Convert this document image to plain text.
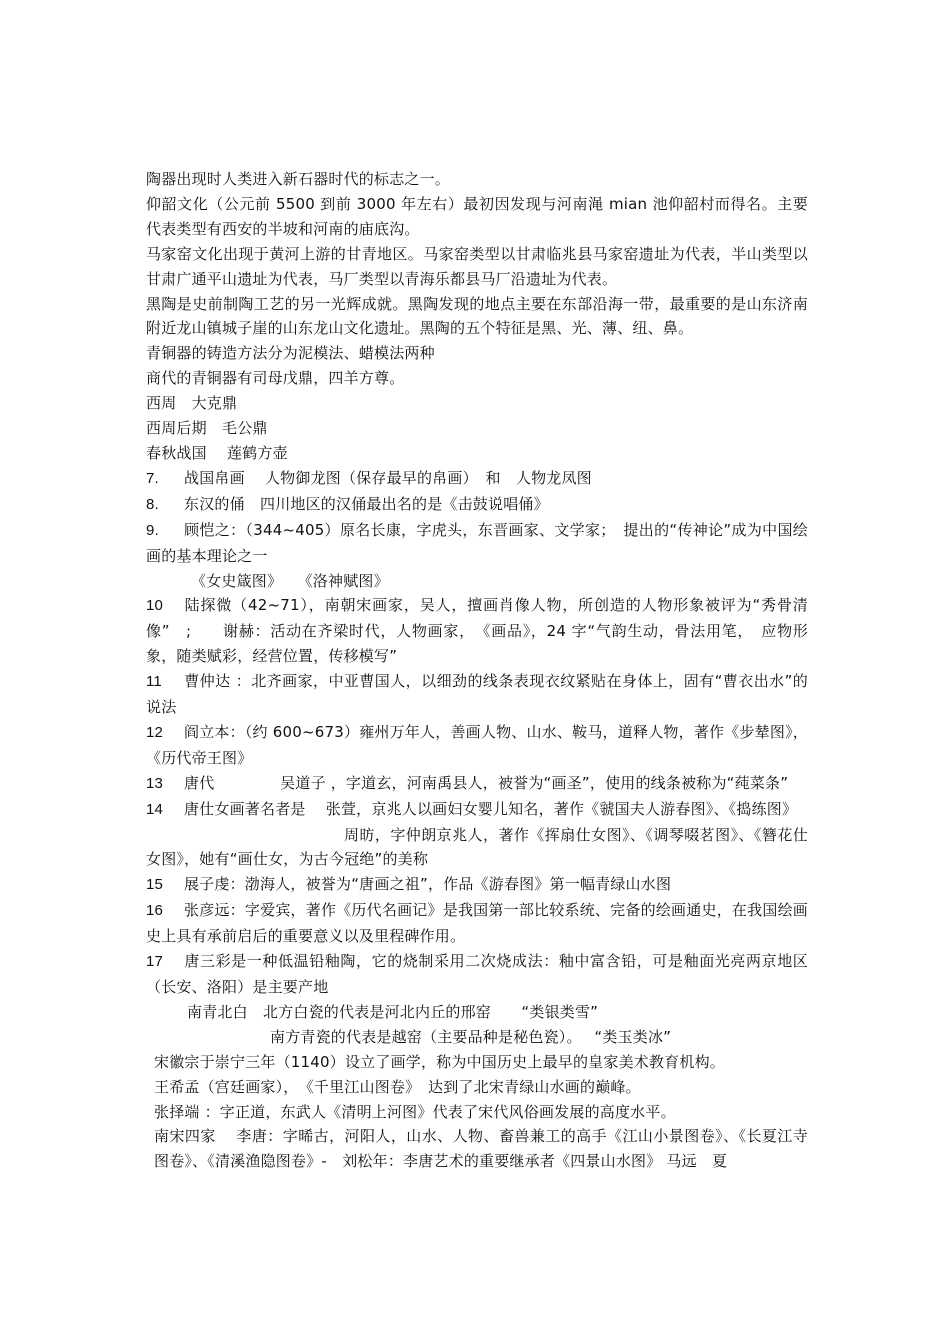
陶器出现时人类进入新石器时代的标志之一。

仰韶文化（公元前 5500 到前 3000 年左右）最初因发现与河南渑 mian 池仰韶村而得名。主要代表类型有西安的半坡和河南的庙底沟。

马家窑文化出现于黄河上游的甘青地区。马家窑类型以甘肃临兆县马家窑遗址为代表，半山类型以甘肃广通平山遗址为代表，马厂类型以青海乐都县马厂沿遗址为代表。

黑陶是史前制陶工艺的另一光辉成就。黑陶发现的地点主要在东部沿海一带，最重要的是山东济南附近龙山镇城子崖的山东龙山文化遗址。黑陶的五个特征是黑、光、薄、纽、鼻。

青铜器的铸造方法分为泥模法、蜡模法两种

商代的青铜器有司母戊鼎，四羊方尊。

西周　大克鼎

西周后期　毛公鼎

春秋战国　 莲鹤方壶

7. 战国帛画　 人物御龙图（保存最早的帛画）　和　人物龙凤图

8. 东汉的俑　四川地区的汉俑最出名的是《击鼓说唱俑》

9. 顾恺之：（344~405）原名长康，字虎头，东晋画家、文学家；　提出的“传神论”成为中国绘画的基本理论之一

《女史箴图》　　《洛神赋图》

10 陆探微（42~71），南朝宋画家，吴人，擅画肖像人物，所创造的人物形象被评为“秀骨清像”　;　　谢赫：活动在齐梁时代，人物画家，　《画品》，24 字“气韵生动，骨法用笔，　应物形象，随类赋彩，经营位置，传移模写”

11 曹仲达 ：北齐画家，中亚曹国人，以细劲的线条表现衣纹紧贴在身体上，固有“曹衣出水”的说法

12 阎立本：（约 600~673）雍州万年人，善画人物、山水、鞍马，道释人物，著作《步辇图》，《历代帝王图》

13 唐代　　　　 吴道子 ，字道玄，河南禹县人，被誉为“画圣”，使用的线条被称为“莼菜条”

14 唐仕女画著名者是　 张萱，京兆人以画妇女婴儿知名，著作《虢国夫人游春图》、《捣练图》

周昉，字仲朗京兆人，著作《挥扇仕女图》、《调琴啜茗图》、《簪花仕女图》，她有“画仕女，为古今冠绝”的美称

15 展子虔：渤海人，被誉为“唐画之祖”，作品《游春图》第一幅青绿山水图

16 张彦远：字爱宾，著作《历代名画记》是我国第一部比较系统、完备的绘画通史，在我国绘画史上具有承前启后的重要意义以及里程碑作用。

17 唐三彩是一种低温铅釉陶，它的烧制采用二次烧成法：釉中富含铅，可是釉面光亮两京地区（长安、洛阳）是主要产地

南青北白　北方白瓷的代表是河北内丘的邢窑　　“类银类雪”

南方青瓷的代表是越窑（主要品种是秘色瓷）。　 “类玉类冰”

宋徽宗于崇宁三年（1140）设立了画学，称为中国历史上最早的皇家美术教育机构。

王希孟（宫廷画家），　《千里江山图卷》　达到了北宋青绿山水画的巅峰。

张择端 ：字正道，东武人《清明上河图》代表了宋代风俗画发展的高度水平。

南宋四家　 李唐：字晞古，河阳人，山水、人物、畜兽兼工的高手《江山小景图卷》、《长夏江寺图卷》、《清溪渔隐图卷》-　刘松年：李唐艺术的重要继承者《四景山水图》 马远　夏
